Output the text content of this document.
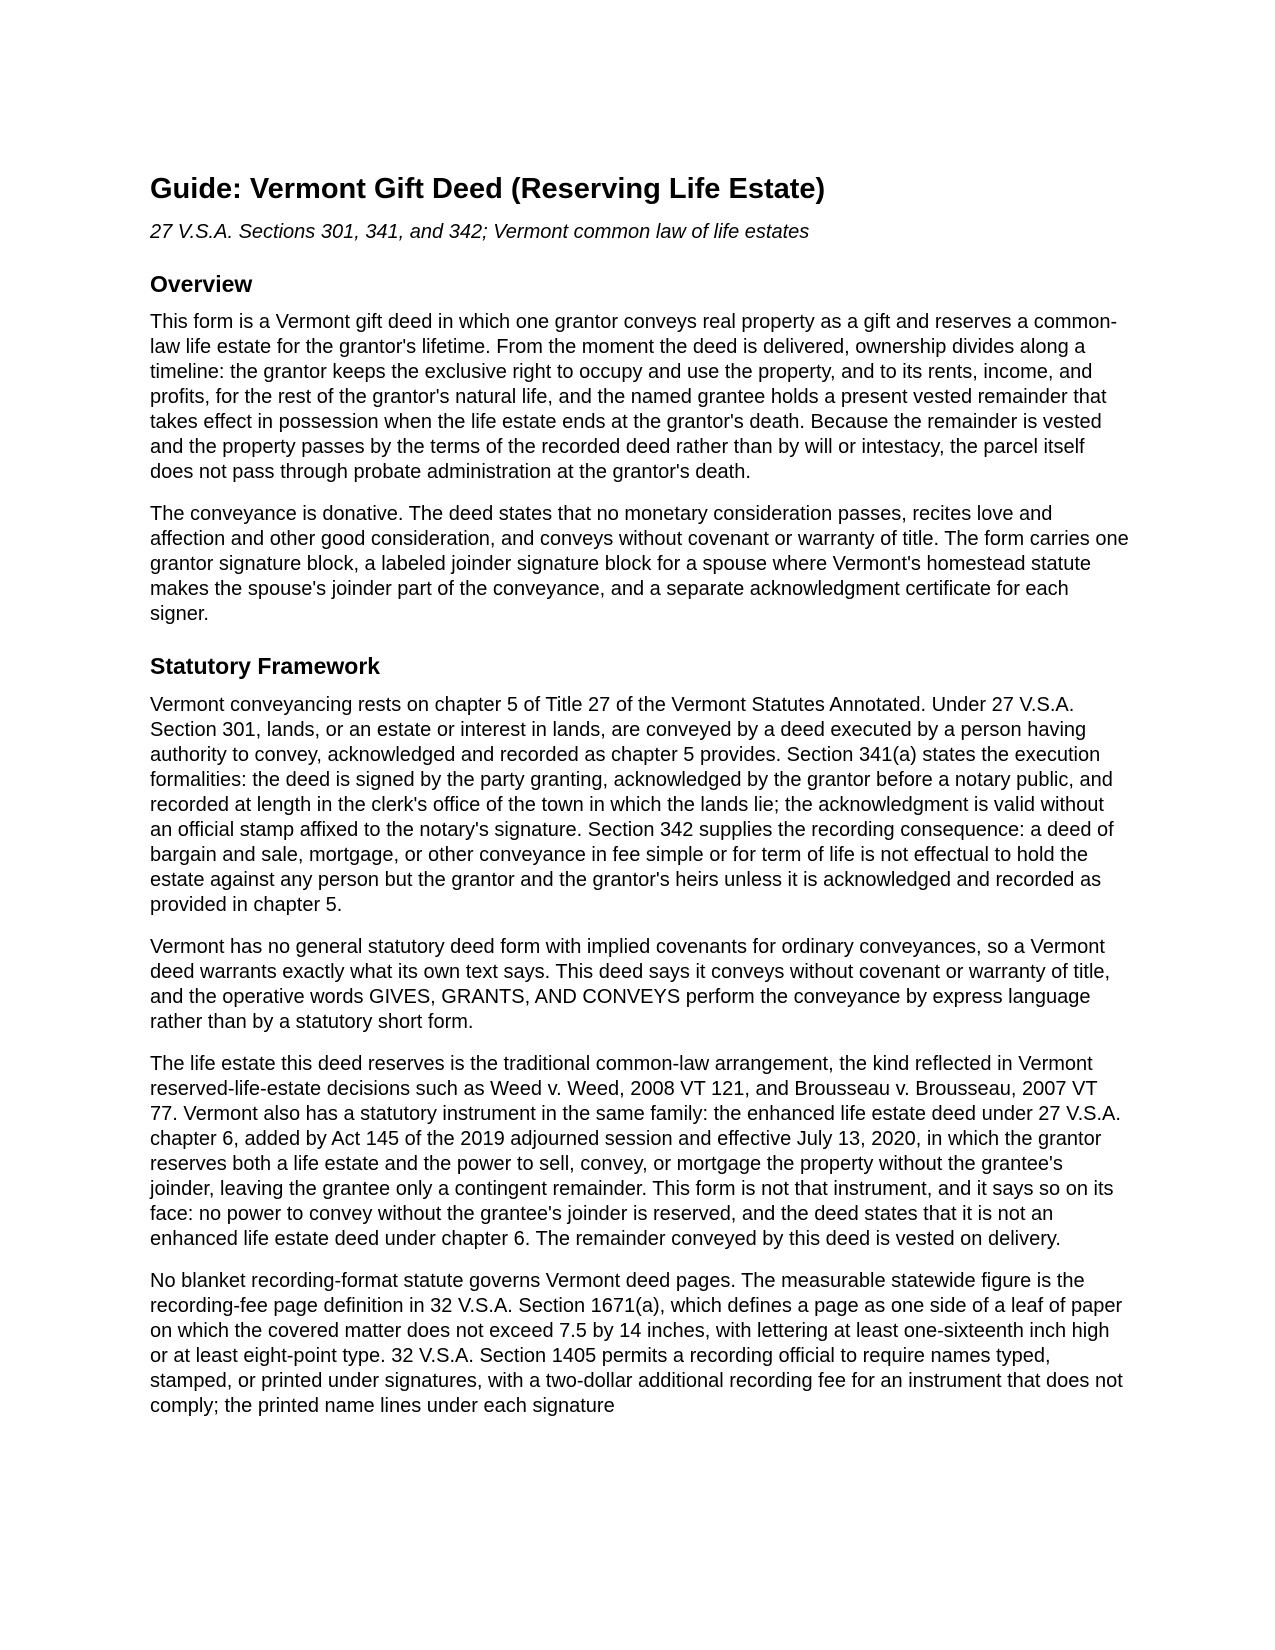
Guide: Vermont Gift Deed (Reserving Life Estate)

27 V.S.A. Sections 301, 341, and 342; Vermont common law of life estates

Overview

This form is a Vermont gift deed in which one grantor conveys real property as a gift and reserves a common-law life estate for the grantor's lifetime. From the moment the deed is delivered, ownership divides along a timeline: the grantor keeps the exclusive right to occupy and use the property, and to its rents, income, and profits, for the rest of the grantor's natural life, and the named grantee holds a present vested remainder that takes effect in possession when the life estate ends at the grantor's death. Because the remainder is vested and the property passes by the terms of the recorded deed rather than by will or intestacy, the parcel itself does not pass through probate administration at the grantor's death.

The conveyance is donative. The deed states that no monetary consideration passes, recites love and affection and other good consideration, and conveys without covenant or warranty of title. The form carries one grantor signature block, a labeled joinder signature block for a spouse where Vermont's homestead statute makes the spouse's joinder part of the conveyance, and a separate acknowledgment certificate for each signer.

Statutory Framework

Vermont conveyancing rests on chapter 5 of Title 27 of the Vermont Statutes Annotated. Under 27 V.S.A. Section 301, lands, or an estate or interest in lands, are conveyed by a deed executed by a person having authority to convey, acknowledged and recorded as chapter 5 provides. Section 341(a) states the execution formalities: the deed is signed by the party granting, acknowledged by the grantor before a notary public, and recorded at length in the clerk's office of the town in which the lands lie; the acknowledgment is valid without an official stamp affixed to the notary's signature. Section 342 supplies the recording consequence: a deed of bargain and sale, mortgage, or other conveyance in fee simple or for term of life is not effectual to hold the estate against any person but the grantor and the grantor's heirs unless it is acknowledged and recorded as provided in chapter 5.

Vermont has no general statutory deed form with implied covenants for ordinary conveyances, so a Vermont deed warrants exactly what its own text says. This deed says it conveys without covenant or warranty of title, and the operative words GIVES, GRANTS, AND CONVEYS perform the conveyance by express language rather than by a statutory short form.

The life estate this deed reserves is the traditional common-law arrangement, the kind reflected in Vermont reserved-life-estate decisions such as Weed v. Weed, 2008 VT 121, and Brousseau v. Brousseau, 2007 VT 77. Vermont also has a statutory instrument in the same family: the enhanced life estate deed under 27 V.S.A. chapter 6, added by Act 145 of the 2019 adjourned session and effective July 13, 2020, in which the grantor reserves both a life estate and the power to sell, convey, or mortgage the property without the grantee's joinder, leaving the grantee only a contingent remainder. This form is not that instrument, and it says so on its face: no power to convey without the grantee's joinder is reserved, and the deed states that it is not an enhanced life estate deed under chapter 6. The remainder conveyed by this deed is vested on delivery.

No blanket recording-format statute governs Vermont deed pages. The measurable statewide figure is the recording-fee page definition in 32 V.S.A. Section 1671(a), which defines a page as one side of a leaf of paper on which the covered matter does not exceed 7.5 by 14 inches, with lettering at least one-sixteenth inch high or at least eight-point type. 32 V.S.A. Section 1405 permits a recording official to require names typed, stamped, or printed under signatures, with a two-dollar additional recording fee for an instrument that does not comply; the printed name lines under each signature
